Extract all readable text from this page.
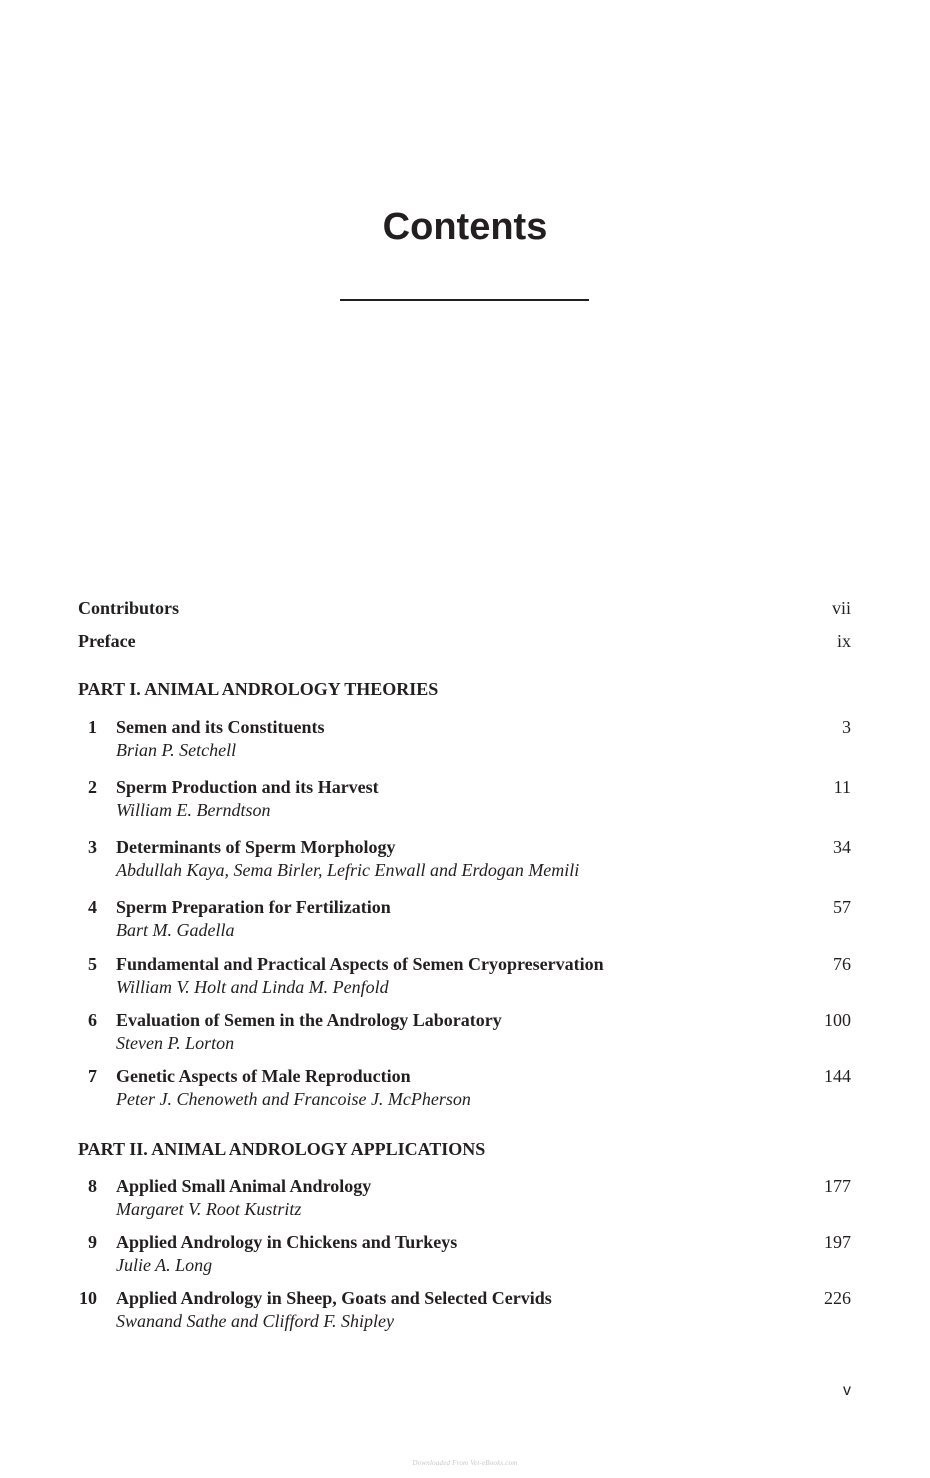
Contents
Contributors	vii
Preface	ix
PART I. ANIMAL ANDROLOGY THEORIES
1 Semen and its Constituents
Brian P. Setchell
3
2 Sperm Production and its Harvest
William E. Berndtson
11
3 Determinants of Sperm Morphology
Abdullah Kaya, Sema Birler, Lefric Enwall and Erdogan Memili
34
4 Sperm Preparation for Fertilization
Bart M. Gadella
57
5 Fundamental and Practical Aspects of Semen Cryopreservation
William V. Holt and Linda M. Penfold
76
6 Evaluation of Semen in the Andrology Laboratory
Steven P. Lorton
100
7 Genetic Aspects of Male Reproduction
Peter J. Chenoweth and Francoise J. McPherson
144
PART II. ANIMAL ANDROLOGY APPLICATIONS
8 Applied Small Animal Andrology
Margaret V. Root Kustritz
177
9 Applied Andrology in Chickens and Turkeys
Julie A. Long
197
10 Applied Andrology in Sheep, Goats and Selected Cervids
Swanand Sathe and Clifford F. Shipley
226
v
Downloaded From Vet-eBooks.com
